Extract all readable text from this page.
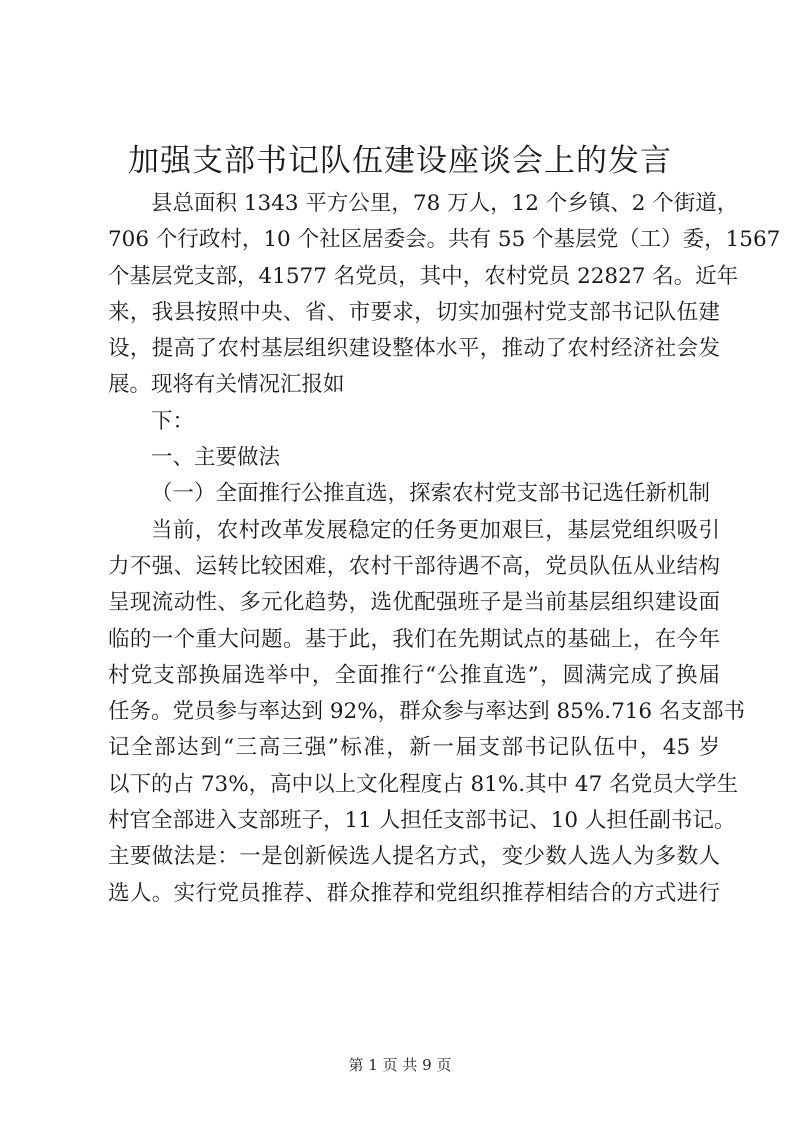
加强支部书记队伍建设座谈会上的发言
县总面积 1343 平方公里，78 万人，12 个乡镇、2 个街道，
706 个行政村，10 个社区居委会。共有 55 个基层党（工）委，1567
个基层党支部，41577 名党员，其中，农村党员 22827 名。近年
来，我县按照中央、省、市要求，切实加强村党支部书记队伍建
设，提高了农村基层组织建设整体水平，推动了农村经济社会发
展。现将有关情况汇报如
下：
一、主要做法
（一）全面推行公推直选，探索农村党支部书记选任新机制
当前，农村改革发展稳定的任务更加艰巨，基层党组织吸引
力不强、运转比较困难，农村干部待遇不高，党员队伍从业结构
呈现流动性、多元化趋势，选优配强班子是当前基层组织建设面
临的一个重大问题。基于此，我们在先期试点的基础上，在今年
村党支部换届选举中，全面推行“公推直选”，圆满完成了换届
任务。党员参与率达到 92%，群众参与率达到 85%.716 名支部书
记全部达到“三高三强”标准，新一届支部书记队伍中，45 岁
以下的占 73%，高中以上文化程度占 81%.其中 47 名党员大学生
村官全部进入支部班子，11 人担任支部书记、10 人担任副书记。
主要做法是：一是创新候选人提名方式，变少数人选人为多数人
选人。实行党员推荐、群众推荐和党组织推荐相结合的方式进行
第 1 页 共 9 页
